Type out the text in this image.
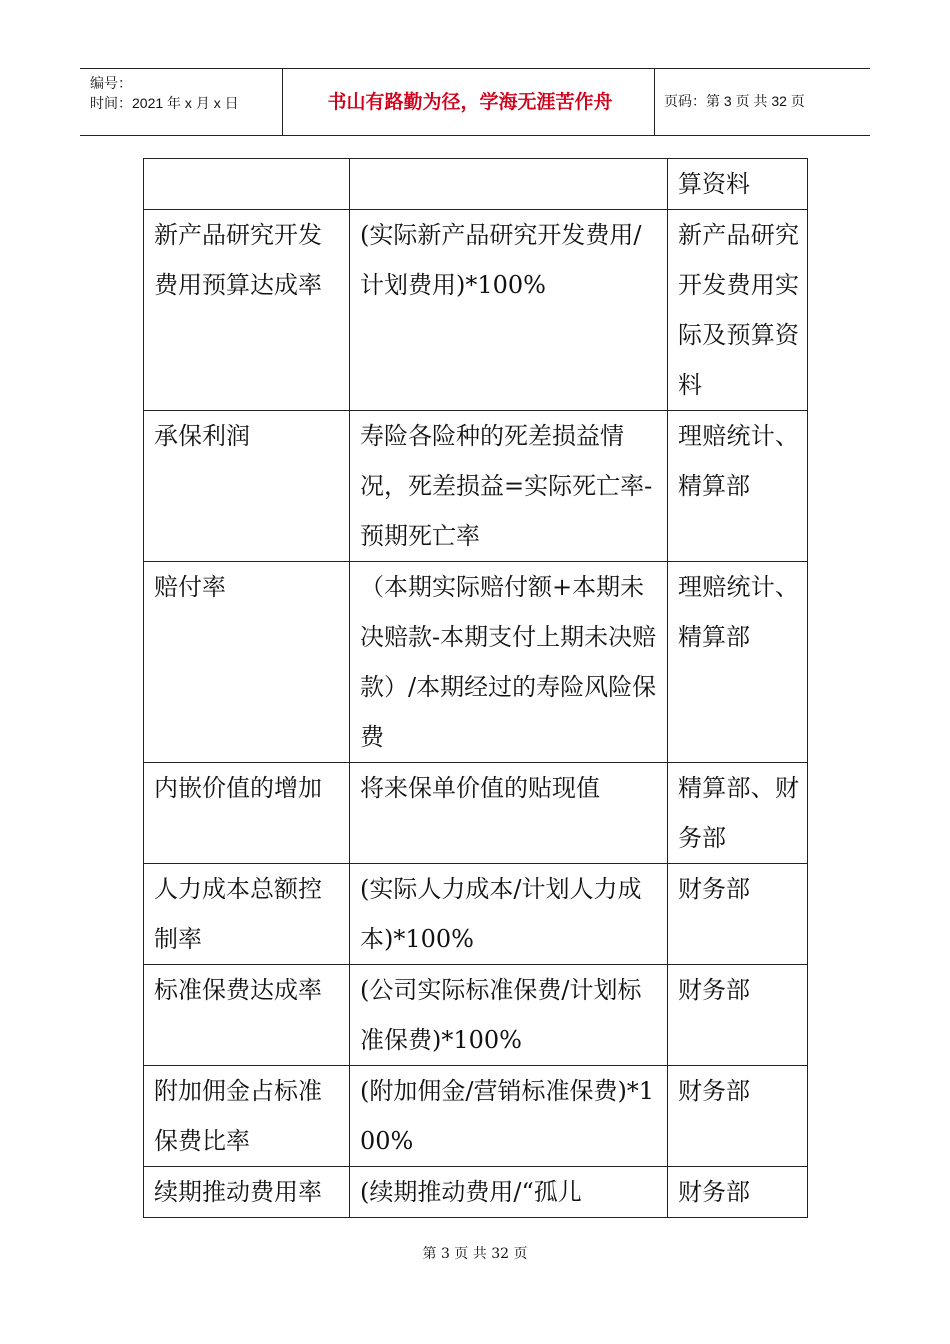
编号：
时间：2021 年 x 月 x 日	书山有路勤为径，学海无涯苦作舟	页码：第 3 页 共 32 页
		算资料
新产品研究开发费用预算达成率	(实际新产品研究开发费用/计划费用)*100%	新产品研究开发费用实际及预算资料
承保利润	寿险各险种的死差损益情况，死差损益=实际死亡率-预期死亡率	理赔统计、精算部
赔付率	（本期实际赔付额+本期未决赔款-本期支付上期未决赔款）/本期经过的寿险风险保费	理赔统计、精算部
内嵌价值的增加	将来保单价值的贴现值	精算部、财务部
人力成本总额控制率	(实际人力成本/计划人力成本)*100%	财务部
标准保费达成率	(公司实际标准保费/计划标准保费)*100%	财务部
附加佣金占标准保费比率	(附加佣金/营销标准保费)*100%	财务部
续期推动费用率	(续期推动费用/“孤儿	财务部
第 3 页 共 32 页
